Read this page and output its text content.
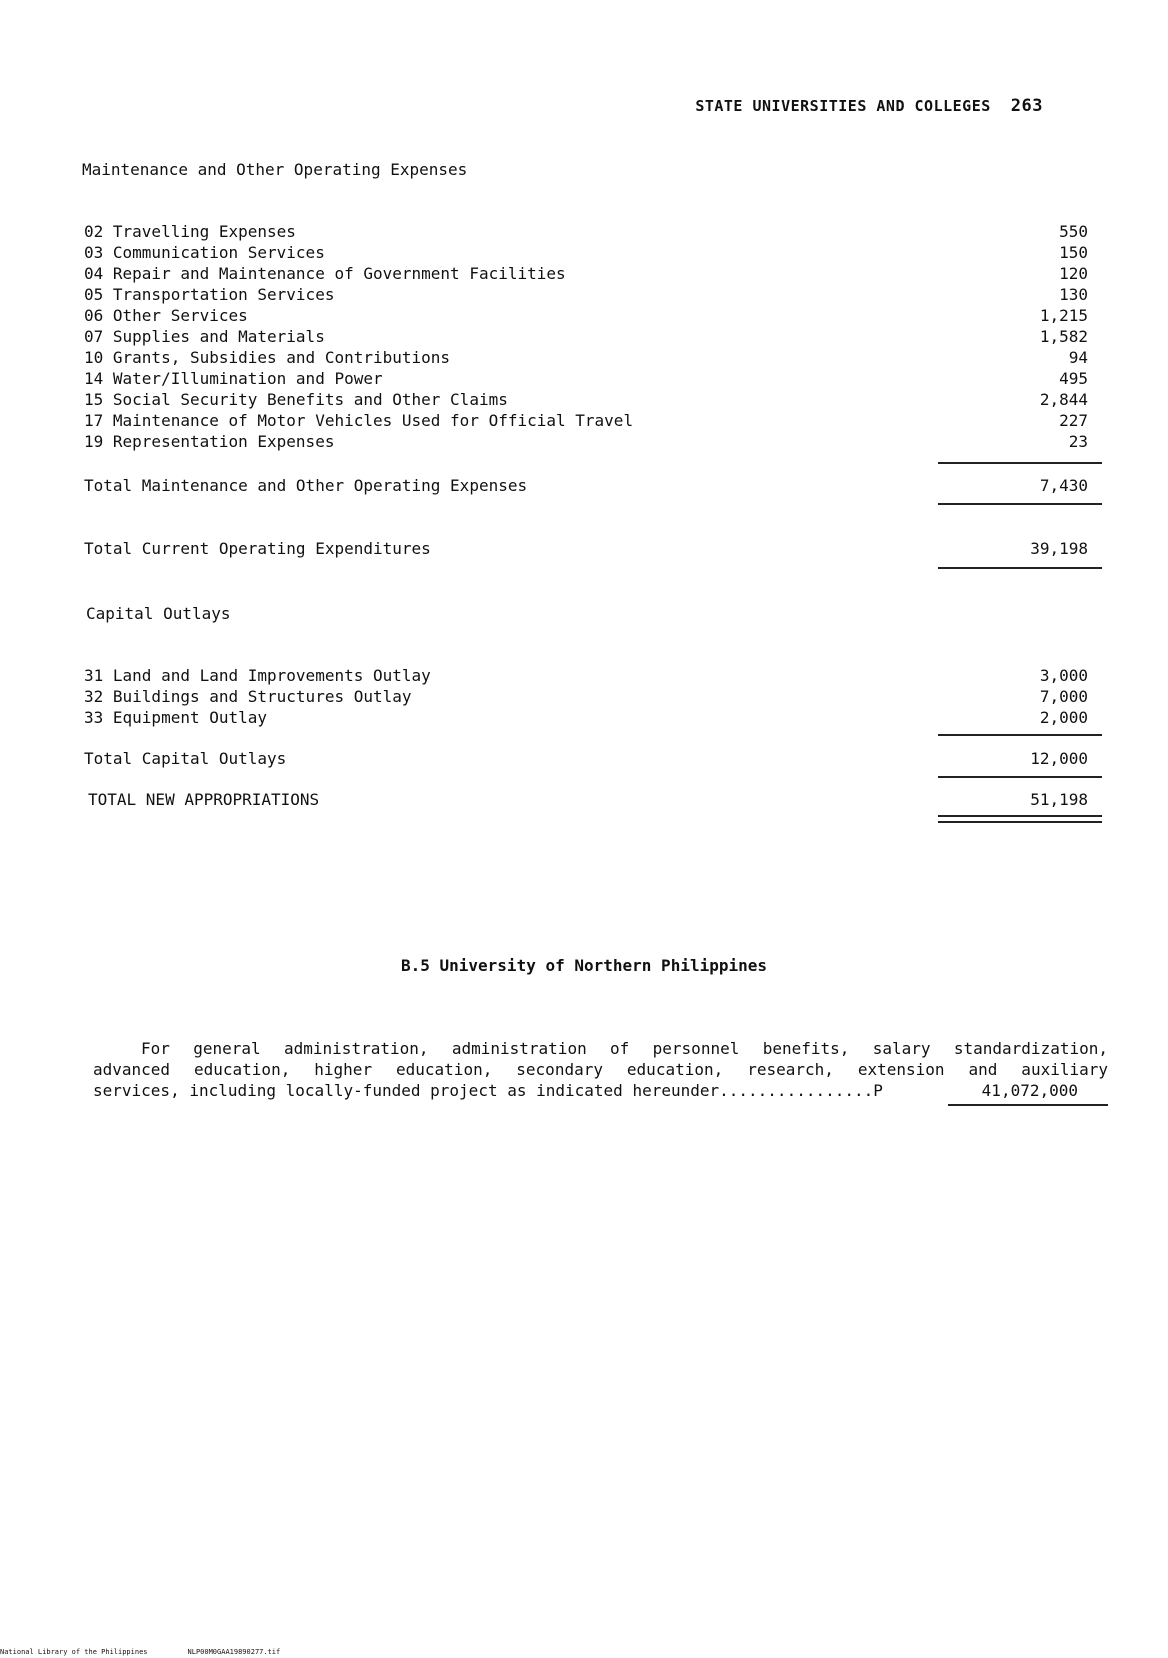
STATE UNIVERSITIES AND COLLEGES 263
Maintenance and Other Operating Expenses
02 Travelling Expenses	550
03 Communication Services	150
04 Repair and Maintenance of Government Facilities	120
05 Transportation Services	130
06 Other Services	1,215
07 Supplies and Materials	1,582
10 Grants, Subsidies and Contributions	94
14 Water/Illumination and Power	495
15 Social Security Benefits and Other Claims	2,844
17 Maintenance of Motor Vehicles Used for Official Travel	227
19 Representation Expenses	23
Total Maintenance and Other Operating Expenses	7,430
Total Current Operating Expenditures	39,198
Capital Outlays
31 Land and Land Improvements Outlay	3,000
32 Buildings and Structures Outlay	7,000
33 Equipment Outlay	2,000
Total Capital Outlays	12,000
TOTAL NEW APPROPRIATIONS	51,198
B.5 University of Northern Philippines
For general administration, administration of personnel benefits, salary standardization,
advanced education, higher education, secondary education, research, extension and auxiliary
services, including locally-funded project as indicated hereunder................P	41,072,000
National Library of the Philippines	NLP00M0GAA19890277.tif
